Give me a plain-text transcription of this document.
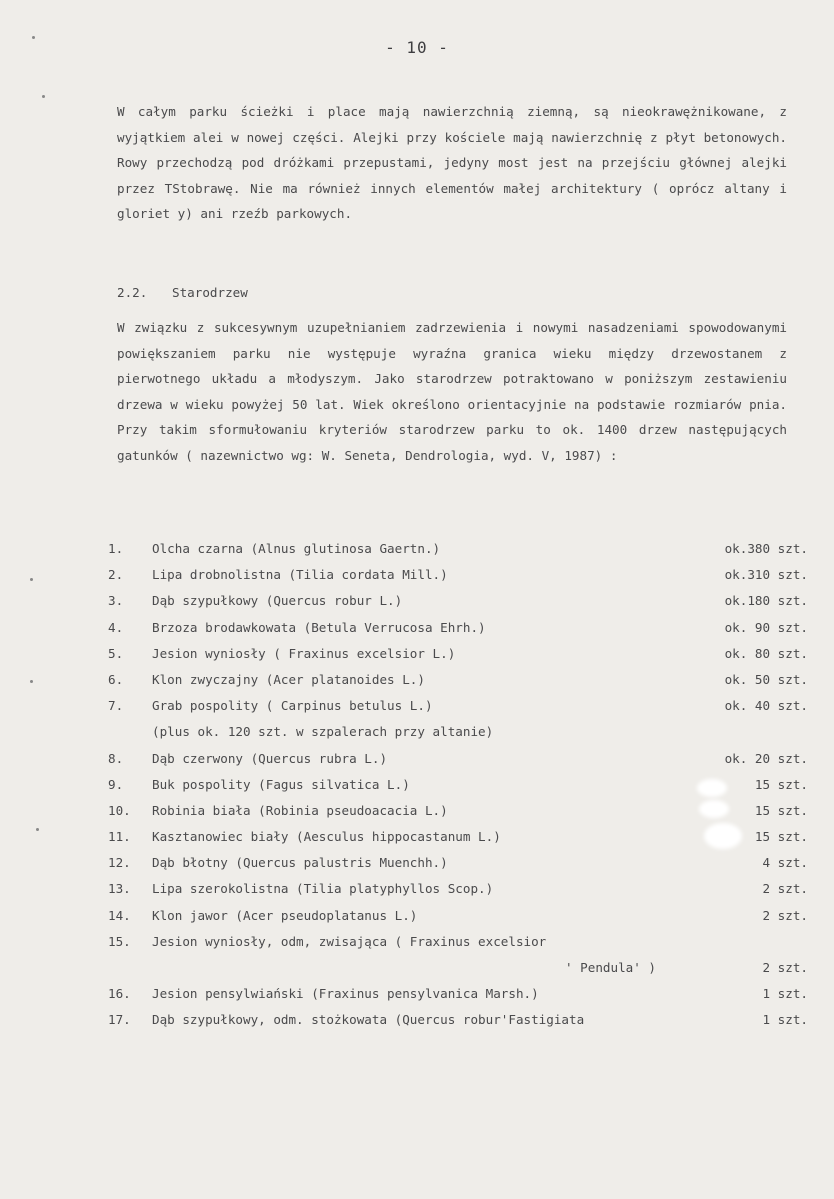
- 10 -
W całym parku ścieżki i place mają nawierzchnią ziemną, są nieokrawężnikowane, z wyjątkiem alei w nowej części. Alejki przy kościele mają nawierzchnię z płyt betonowych. Rowy przechodzą pod dróżkami przepustami, jedyny most jest na przejściu głównej alejki przez TStobrawę. Nie ma również innych elementów małej architektury ( oprócz altany i gloriet y) ani rzeźb parkowych.
2.2. Starodrzew
W związku z sukcesywnym uzupełnianiem zadrzewienia i nowymi nasadzeniami spowodowanymi powiększaniem parku nie występuje wyraźna granica wieku między drzewostanem z pierwotnego układu a młodyszym. Jako starodrzew potraktowano w poniższym zestawieniu drzewa w wieku powyżej 50 lat. Wiek określono orientacyjnie na podstawie rozmiarów pnia. Przy takim sformułowaniu kryteriów starodrzew parku to ok. 1400 drzew następujących gatunków ( nazewnictwo wg: W. Seneta, Dendrologia, wyd. V, 1987) :
1.	Olcha czarna (Alnus glutinosa Gaertn.)	ok.380 szt.
2.	Lipa drobnolistna (Tilia cordata Mill.)	ok.310 szt.
3.	Dąb szypułkowy (Quercus robur L.)	ok.180 szt.
4.	Brzoza brodawkowata (Betula Verrucosa Ehrh.)	ok. 90 szt.
5.	Jesion wyniosły ( Fraxinus excelsior L.)	ok. 80 szt.
6.	Klon zwyczajny (Acer platanoides L.)	ok. 50 szt.
7.	Grab pospolity ( Carpinus betulus L.)	ok. 40 szt.
(plus ok. 120 szt. w szpalerach przy altanie)
8.	Dąb czerwony (Quercus rubra L.)	ok. 20 szt.
9.	Buk pospolity (Fagus silvatica L.)	15 szt.
10.	Robinia biała (Robinia pseudoacacia L.)	15 szt.
11.	Kasztanowiec biały (Aesculus hippocastanum L.)	15 szt.
12.	Dąb błotny (Quercus palustris Muenchh.)	4 szt.
13.	Lipa szerokolistna (Tilia platyphyllos Scop.)	2 szt.
14.	Klon jawor (Acer pseudoplatanus L.)	2 szt.
15.	Jesion wyniosły, odm, zwisająca ( Fraxinus excelsior
' Pendula' )	2 szt.
16.	Jesion pensylwiański (Fraxinus pensylvanica Marsh.)	1 szt.
17.	Dąb szypułkowy, odm. stożkowata (Quercus robur'Fastigiata	1 szt.
